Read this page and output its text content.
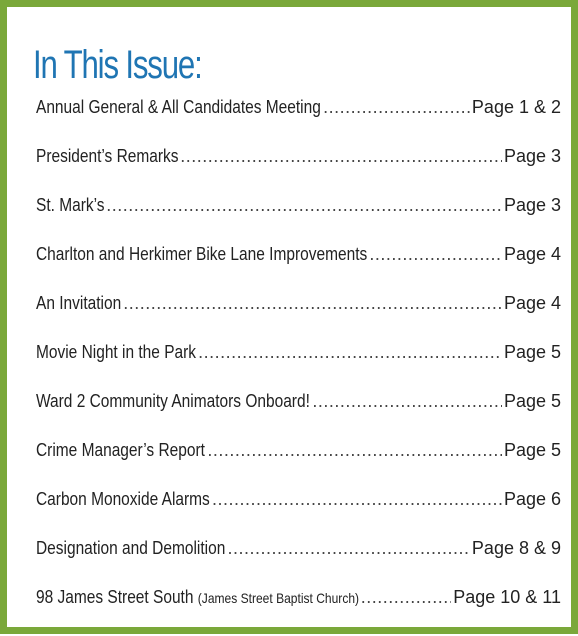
In This Issue:
Annual General & All Candidates Meeting .....	Page 1 & 2
President’s Remarks .....	Page 3
St. Mark’s .....	Page 3
Charlton and Herkimer Bike Lane Improvements .....	Page 4
An Invitation .....	Page 4
Movie Night in the Park .....	Page 5
Ward 2 Community Animators Onboard! .....	Page 5
Crime Manager’s Report .....	Page 5
Carbon Monoxide Alarms .....	Page 6
Designation and Demolition .....	Page 8 & 9
98 James Street South (James Street Baptist Church) .....	Page 10 & 11
